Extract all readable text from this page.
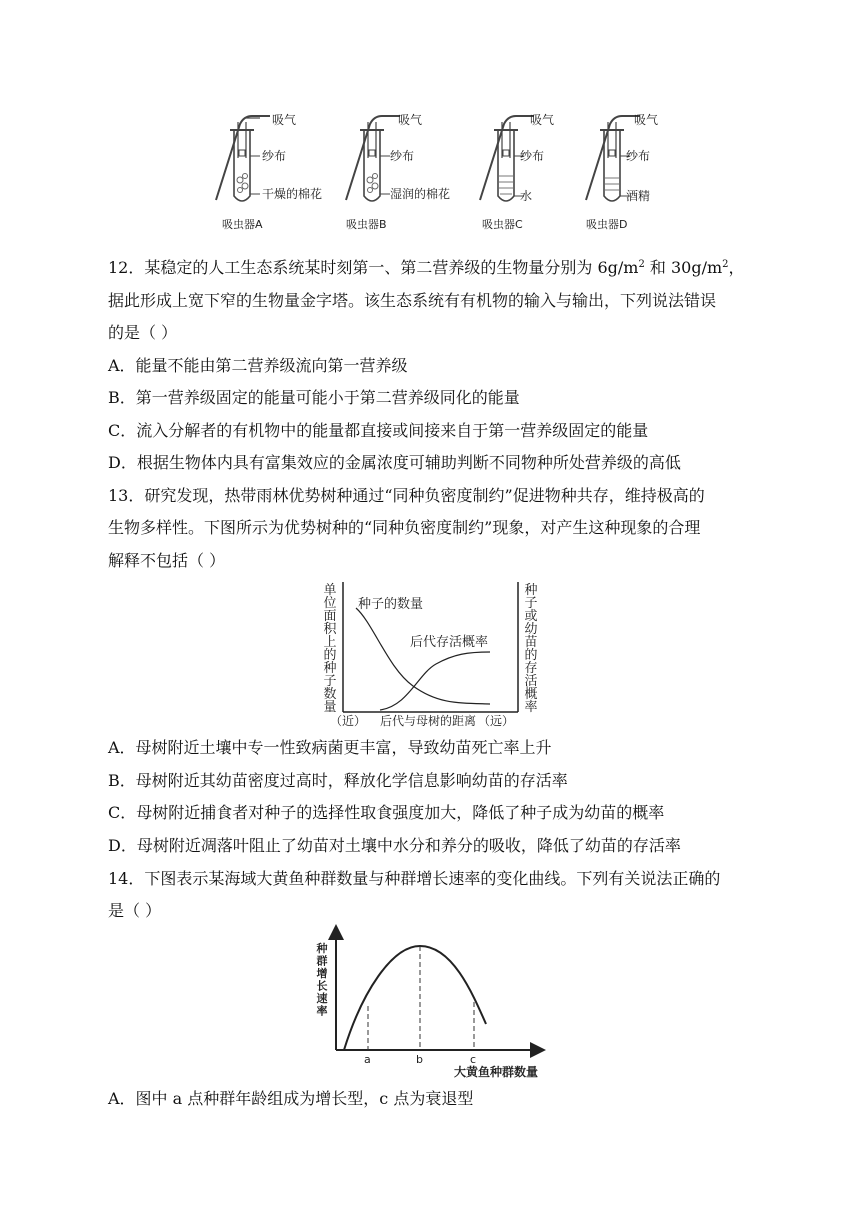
吸气
纱布
干燥的棉花
吸虫器A
吸气
纱布
湿润的棉花
吸虫器B
吸气
纱布
水
吸虫器C
吸气
纱布
酒精
吸虫器D
12．某稳定的人工生态系统某时刻第一、第二营养级的生物量分别为 $6g/m^2$ 和 $30g/m^2$，
据此形成上宽下窄的生物量金字塔。该生态系统有有机物的输入与输出，下列说法错误
的是（ ）
A．能量不能由第二营养级流向第一营养级
B．第一营养级固定的能量可能小于第二营养级同化的能量
C．流入分解者的有机物中的能量都直接或间接来自于第一营养级固定的能量
D．根据生物体内具有富集效应的金属浓度可辅助判断不同物种所处营养级的高低
13．研究发现，热带雨林优势树种通过“同种负密度制约”促进物种共存，维持极高的
生物多样性。下图所示为优势树种的“同种负密度制约”现象，对产生这种现象的合理
解释不包括（ ）
单
位
面
积
上
的
种
子
数
量
种
子
或
幼
苗
的
存
活
概
率
种子的数量
后代存活概率
（近） 后代与母树的距离 （远）
A．母树附近土壤中专一性致病菌更丰富，导致幼苗死亡率上升
B．母树附近其幼苗密度过高时，释放化学信息影响幼苗的存活率
C．母树附近捕食者对种子的选择性取食强度加大，降低了种子成为幼苗的概率
D．母树附近凋落叶阻止了幼苗对土壤中水分和养分的吸收，降低了幼苗的存活率
14．下图表示某海域大黄鱼种群数量与种群增长速率的变化曲线。下列有关说法正确的
是（ ）
种
群
增
长
速
率
a	b	c
大黄鱼种群数量
A．图中 a 点种群年龄组成为增长型，c 点为衰退型
